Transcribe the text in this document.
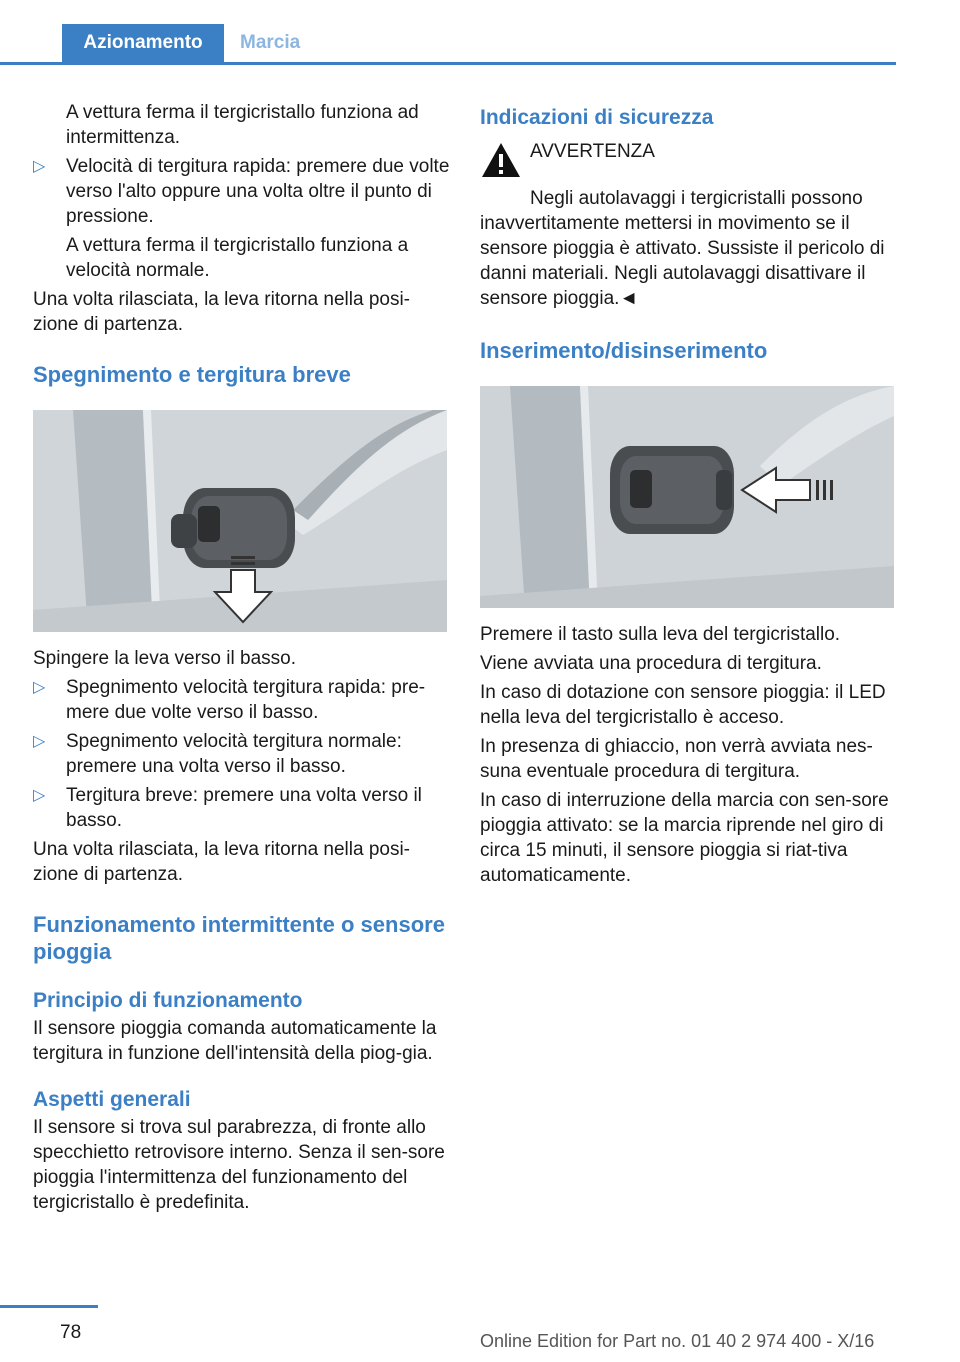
Azionamento	Marcia

A vettura ferma il tergicristallo funziona ad intermittenza.

▷ Velocità di tergitura rapida: premere due volte verso l'alto oppure una volta oltre il punto di pressione.

A vettura ferma il tergicristallo funziona a velocità normale.

Una volta rilasciata, la leva ritorna nella posi-zione di partenza.

Spegnimento e tergitura breve

Spingere la leva verso il basso.

▷ Spegnimento velocità tergitura rapida: pre-mere due volte verso il basso.
▷ Spegnimento velocità tergitura normale: premere una volta verso il basso.
▷ Tergitura breve: premere una volta verso il basso.

Una volta rilasciata, la leva ritorna nella posi-zione di partenza.

Funzionamento intermittente o sensore pioggia
Principio di funzionamento

Il sensore pioggia comanda automaticamente la tergitura in funzione dell'intensità della piog-gia.

Aspetti generali

Il sensore si trova sul parabrezza, di fronte allo specchietto retrovisore interno. Senza il sen-sore pioggia l'intermittenza del funzionamento del tergicristallo è predefinita.

Indicazioni di sicurezza
AVVERTENZA

Negli autolavaggi i tergicristalli possono inavvertitamente mettersi in movimento se il sensore pioggia è attivato. Sussiste il pericolo di danni materiali. Negli autolavaggi disattivare il sensore pioggia.◄

Inserimento/disinserimento

Premere il tasto sulla leva del tergicristallo.

Viene avviata una procedura di tergitura.

In caso di dotazione con sensore pioggia: il LED nella leva del tergicristallo è acceso.

In presenza di ghiaccio, non verrà avviata nes-suna eventuale procedura di tergitura.

In caso di interruzione della marcia con sen-sore pioggia attivato: se la marcia riprende nel giro di circa 15 minuti, il sensore pioggia si riat-tiva automaticamente.

78	Online Edition for Part no. 01 40 2 974 400 - X/16
